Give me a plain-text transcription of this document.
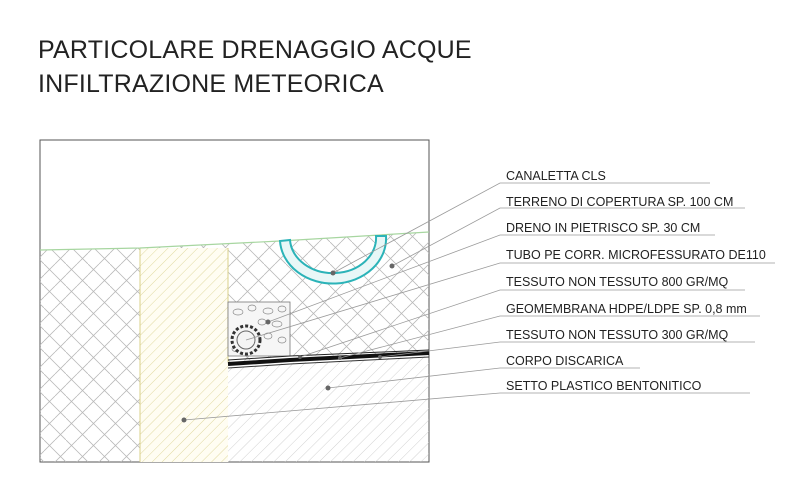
PARTICOLARE DRENAGGIO ACQUE
INFILTRAZIONE METEORICA
CANALETTA CLS
TERRENO DI COPERTURA SP. 100 CM
DRENO IN PIETRISCO SP. 30 CM
TUBO PE CORR. MICROFESSURATO DE110
TESSUTO NON TESSUTO 800 GR/MQ
GEOMEMBRANA HDPE/LDPE SP. 0,8 mm
TESSUTO NON TESSUTO 300 GR/MQ
CORPO DISCARICA
SETTO PLASTICO BENTONITICO
